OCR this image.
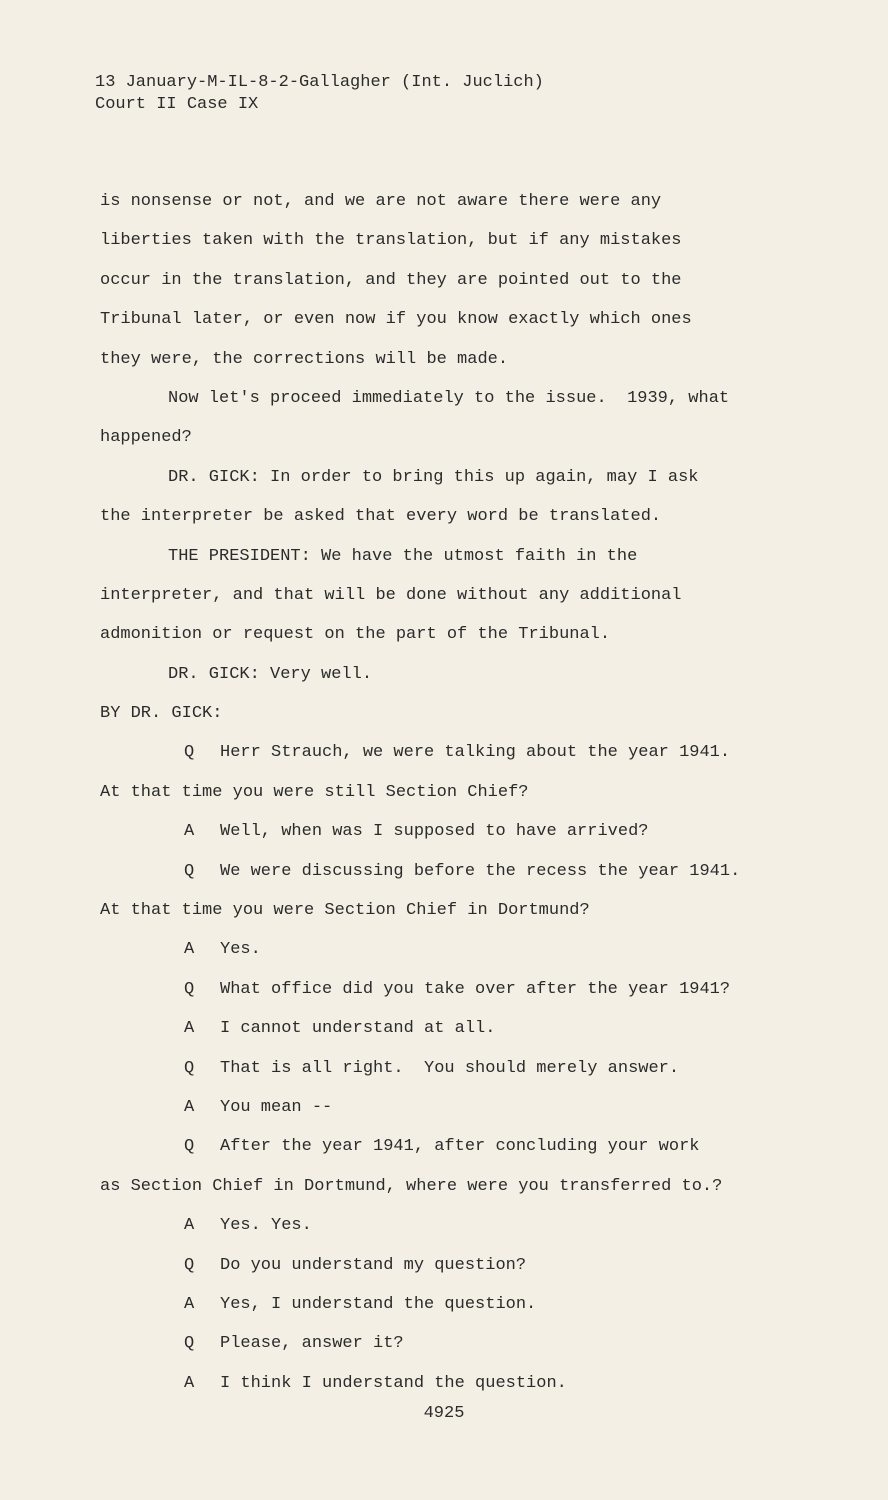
13 January-M-IL-8-2-Gallagher (Int. Juclich)
Court II Case IX
is nonsense or not, and we are not aware there were any
liberties taken with the translation, but if any mistakes
occur in the translation, and they are pointed out to the
Tribunal later, or even now if you know exactly which ones
they were, the corrections will be made.
Now let's proceed immediately to the issue.  1939, what
happened?
DR. GICK: In order to bring this up again, may I ask
the interpreter be asked that every word be translated.
THE PRESIDENT: We have the utmost faith in the
interpreter, and that will be done without any additional
admonition or request on the part of the Tribunal.
DR. GICK: Very well.
BY DR. GICK:
Q Herr Strauch, we were talking about the year 1941.
At that time you were still Section Chief?
A Well, when was I supposed to have arrived?
Q We were discussing before the recess the year 1941.
At that time you were Section Chief in Dortmund?
A Yes.
Q What office did you take over after the year 1941?
A I cannot understand at all.
Q That is all right.  You should merely answer.
A You mean --
Q After the year 1941, after concluding your work
as Section Chief in Dortmund, where were you transferred to.?
A Yes. Yes.
Q Do you understand my question?
A Yes, I understand the question.
Q Please, answer it?
A I think I understand the question.
4925
